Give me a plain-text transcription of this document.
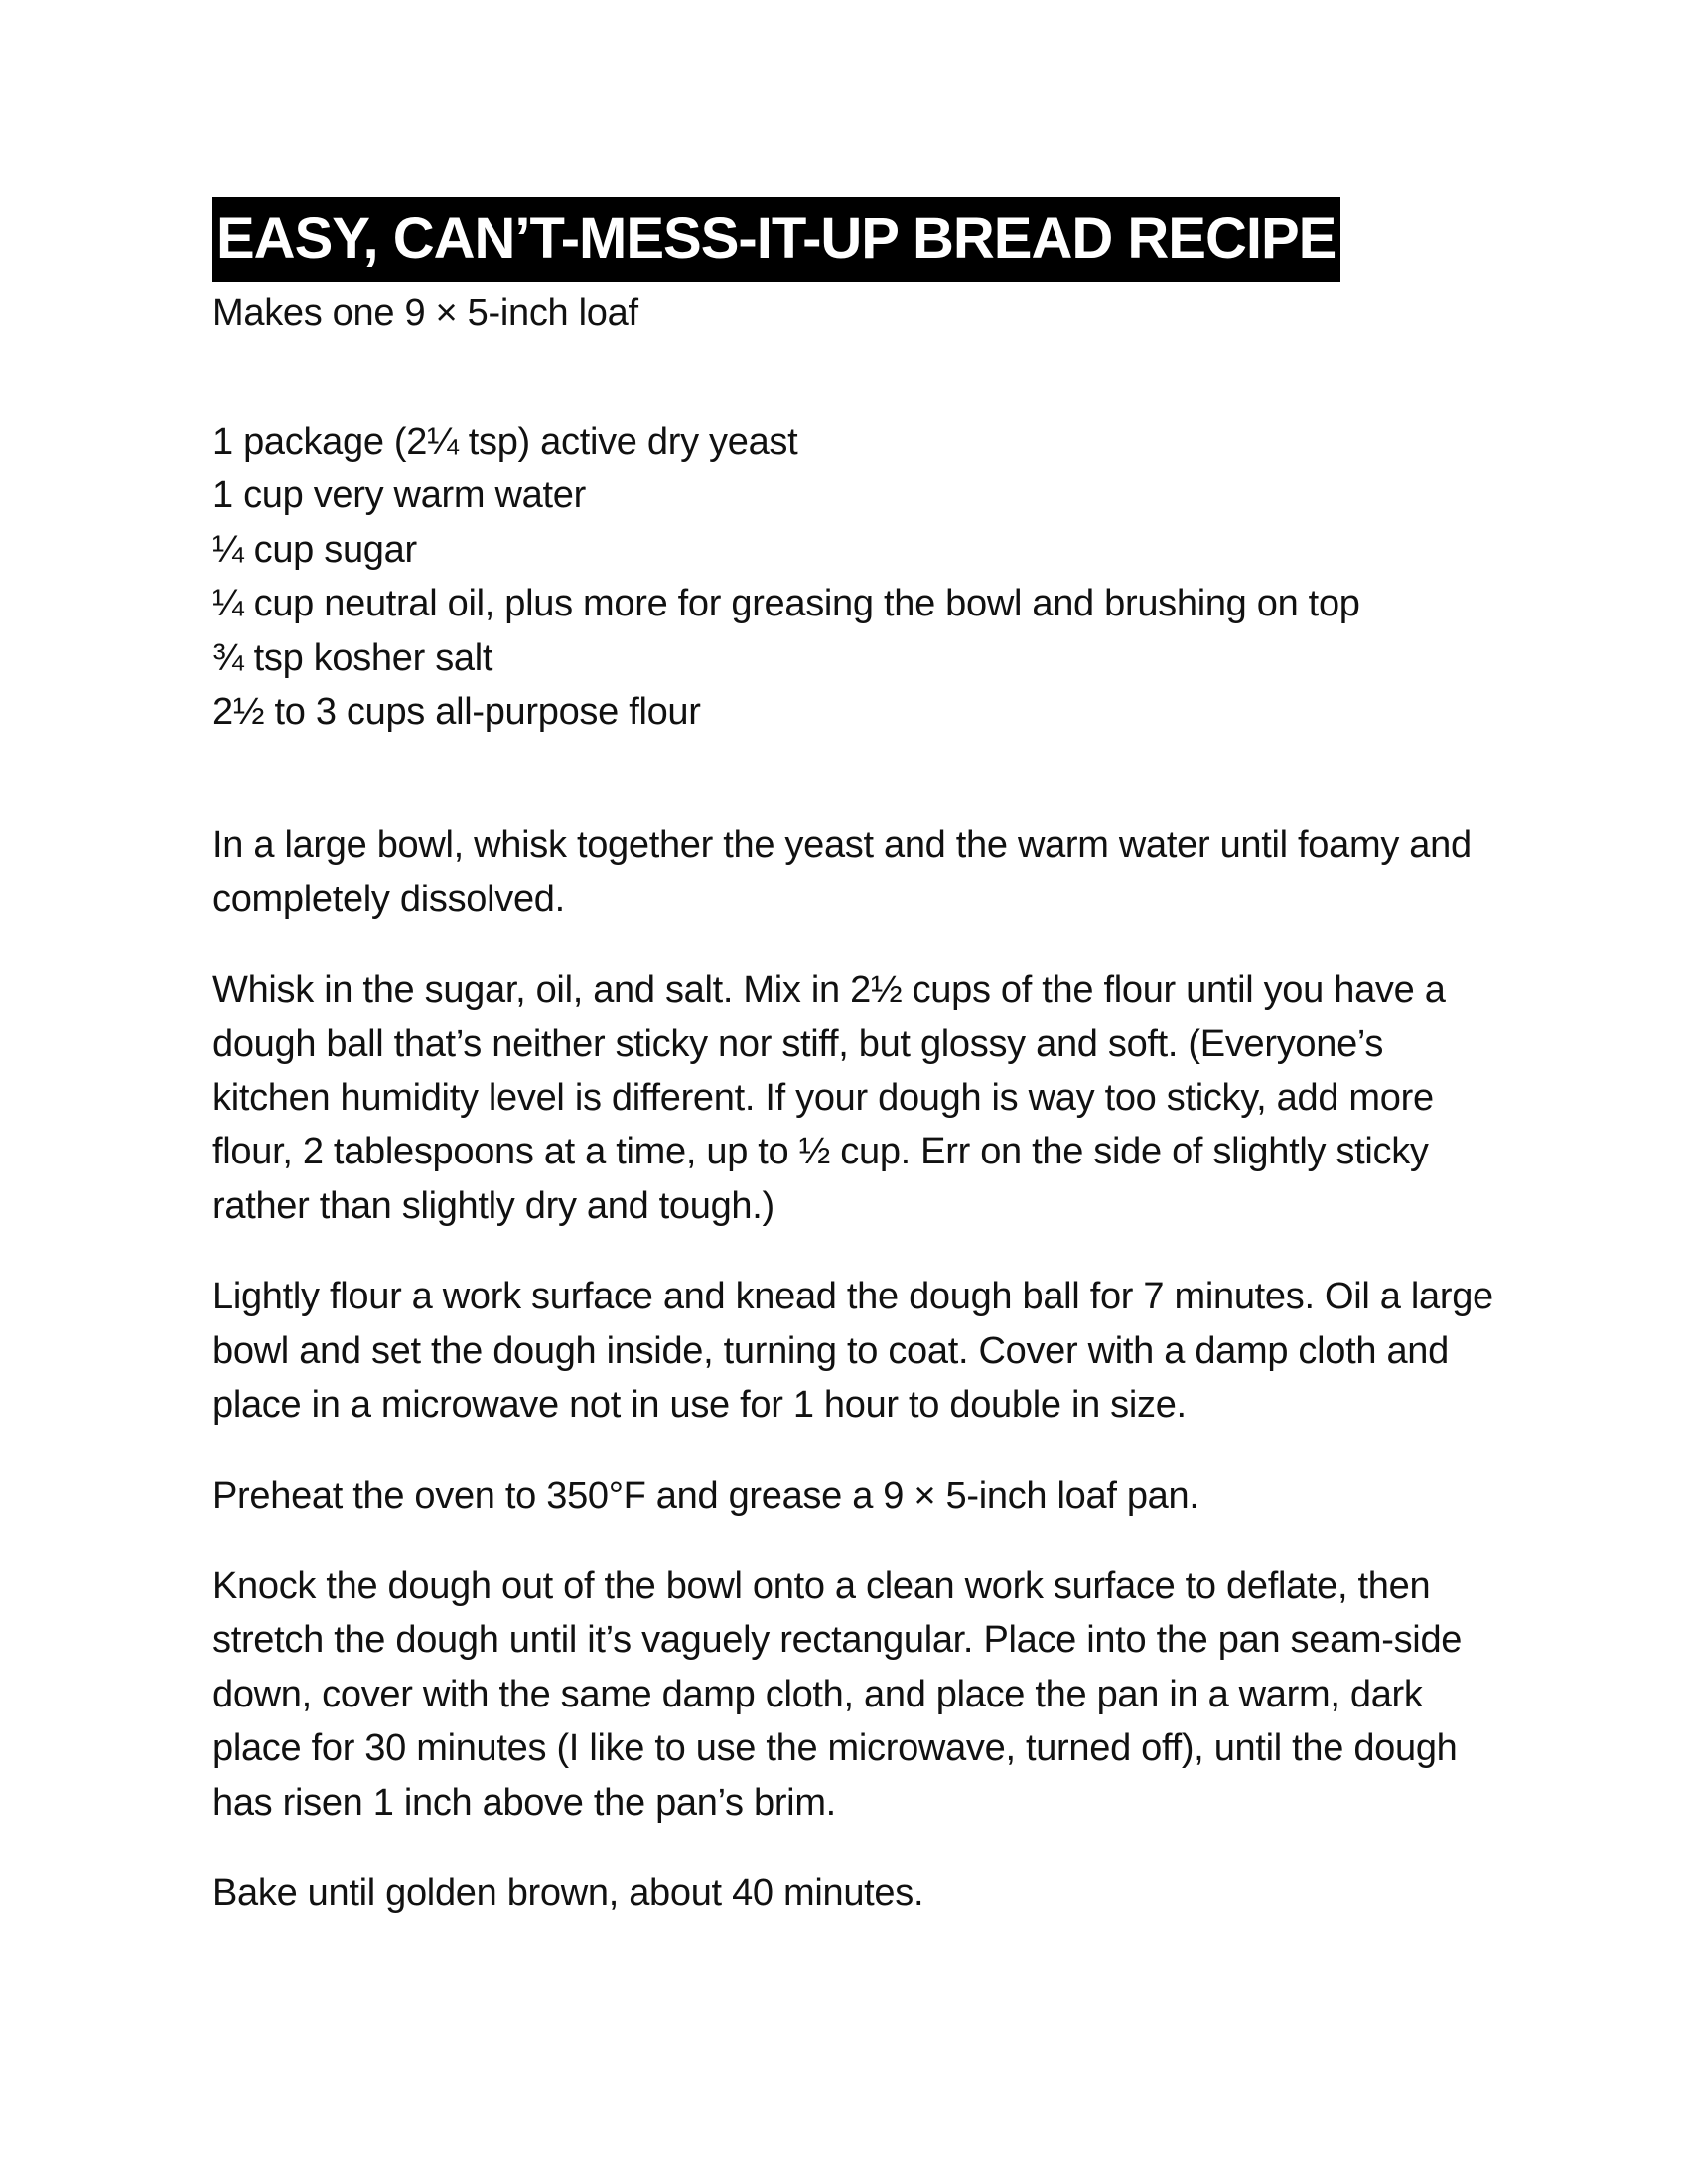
EASY, CAN’T-MESS-IT-UP BREAD RECIPE
Makes one 9 × 5-inch loaf
1 package (2¼ tsp) active dry yeast
1 cup very warm water
¼ cup sugar
¼ cup neutral oil, plus more for greasing the bowl and brushing on top
¾ tsp kosher salt
2½ to 3 cups all-purpose flour

In a large bowl, whisk together the yeast and the warm water until foamy and completely dissolved.

Whisk in the sugar, oil, and salt. Mix in 2½ cups of the flour until you have a dough ball that’s neither sticky nor stiff, but glossy and soft. (Everyone’s kitchen humidity level is different. If your dough is way too sticky, add more flour, 2 tablespoons at a time, up to ½ cup. Err on the side of slightly sticky rather than slightly dry and tough.)

Lightly flour a work surface and knead the dough ball for 7 minutes. Oil a large bowl and set the dough inside, turning to coat. Cover with a damp cloth and place in a microwave not in use for 1 hour to double in size.

Preheat the oven to 350°F and grease a 9 × 5-inch loaf pan.

Knock the dough out of the bowl onto a clean work surface to deflate, then stretch the dough until it’s vaguely rectangular. Place into the pan seam-side down, cover with the same damp cloth, and place the pan in a warm, dark place for 30 minutes (I like to use the microwave, turned off), until the dough has risen 1 inch above the pan’s brim.

Bake until golden brown, about 40 minutes.
